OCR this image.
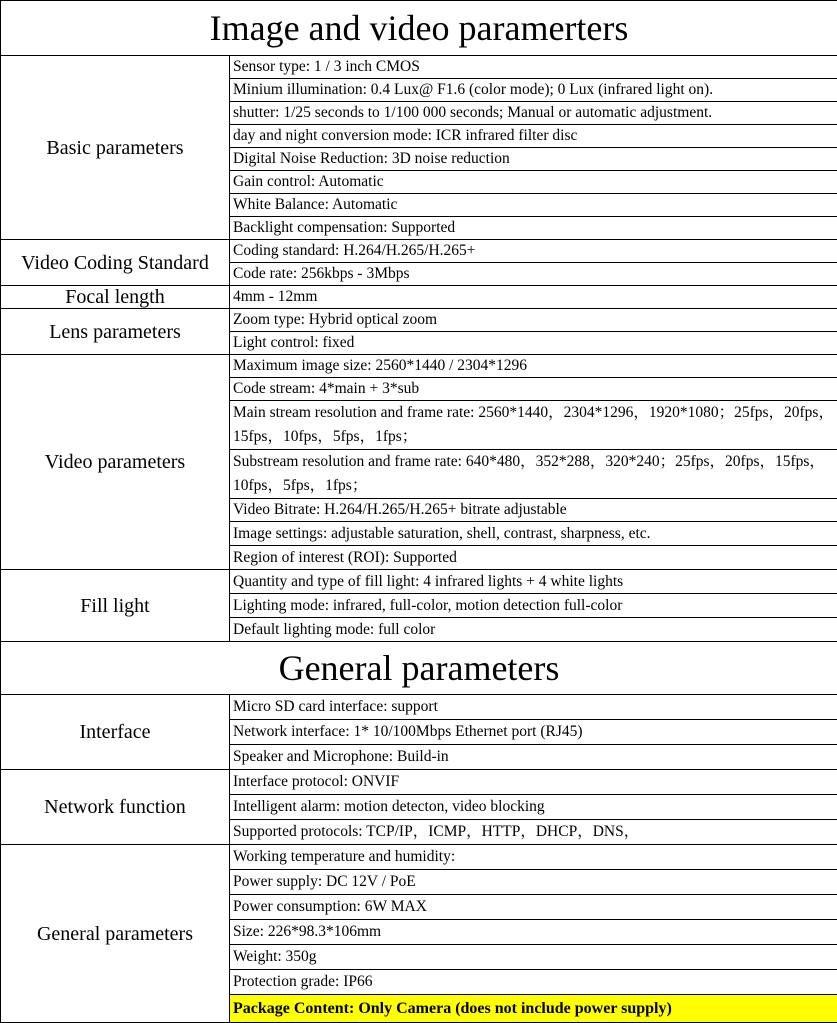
Image and video paramerters	
Basic parameters	Sensor type: 1 / 3 inch CMOS
	Minium illumination: 0.4 Lux@ F1.6 (color mode); 0 Lux (infrared light on).
	shutter: 1/25 seconds to 1/100 000 seconds; Manual or automatic adjustment.
	day and night conversion mode: ICR infrared filter disc
	Digital Noise Reduction: 3D noise reduction
	Gain control: Automatic
	White Balance: Automatic
	Backlight compensation: Supported
Video Coding Standard	Coding standard: H.264/H.265/H.265+
	Code rate: 256kbps - 3Mbps
Focal length	4mm - 12mm
Lens parameters	Zoom type: Hybrid optical zoom
	Light control: fixed
Video parameters	Maximum image size: 2560*1440 / 2304*1296
	Code stream: 4*main + 3*sub
	Main stream resolution and frame rate: 2560*1440，2304*1296，1920*1080；25fps，20fps，15fps，10fps，5fps，1fps；
	Substream resolution and frame rate: 640*480，352*288，320*240；25fps，20fps，15fps，10fps，5fps，1fps；
	Video Bitrate: H.264/H.265/H.265+ bitrate adjustable
	Image settings: adjustable saturation, shell, contrast, sharpness, etc.
	Region of interest (ROI): Supported
Fill light	Quantity and type of fill light: 4 infrared lights + 4 white lights
	Lighting mode: infrared, full-color, motion detection full-color
	Default lighting mode: full color
General parameters	
Interface	Micro SD card interface: support
	Network interface: 1* 10/100Mbps Ethernet port (RJ45)
	Speaker and Microphone: Build-in
Network function	Interface protocol: ONVIF
	Intelligent alarm: motion detecton, video blocking
	Supported protocols: TCP/IP，ICMP，HTTP，DHCP，DNS，
General parameters	Working temperature and humidity:
	Power supply: DC 12V / PoE
	Power consumption: 6W MAX
	Size: 226*98.3*106mm
	Weight: 350g
	Protection grade: IP66
	Package Content: Only Camera (does not include power supply)
